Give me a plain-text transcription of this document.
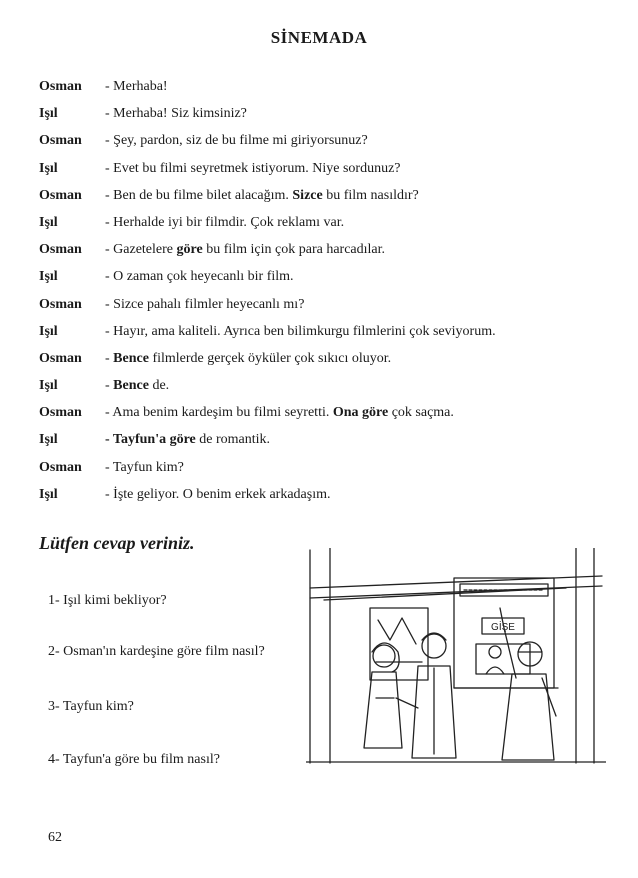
SİNEMADA
Osman - Merhaba!
Işıl	- Merhaba! Siz kimsiniz?
Osman - Şey, pardon, siz de bu filme mi giriyorsunuz?
Işıl	- Evet bu filmi seyretmek istiyorum. Niye sordunuz?
Osman - Ben de bu filme bilet alacağım. Sizce bu film nasıldır?
Işıl	- Herhalde iyi bir filmdir. Çok reklamı var.
Osman - Gazetelere göre bu film için çok para harcadılar.
Işıl	- O zaman çok heyecanlı bir film.
Osman - Sizce pahalı filmler heyecanlı mı?
Işıl	- Hayır, ama kaliteli. Ayrıca ben bilimkurgu filmlerini çok seviyorum.
Osman - Bence filmlerde gerçek öyküler çok sıkıcı oluyor.
Işıl	- Bence de.
Osman - Ama benim kardeşim bu filmi seyretti. Ona göre çok saçma.
Işıl	- Tayfun'a göre de romantik.
Osman - Tayfun kim?
Işıl	- İşte geliyor. O benim erkek arkadaşım.
Lütfen cevap veriniz.
1- Işıl kimi bekliyor?
2- Osman'ın kardeşine göre film nasıl?
3- Tayfun kim?
4- Tayfun'a göre bu film nasıl?
GİŞE
62
